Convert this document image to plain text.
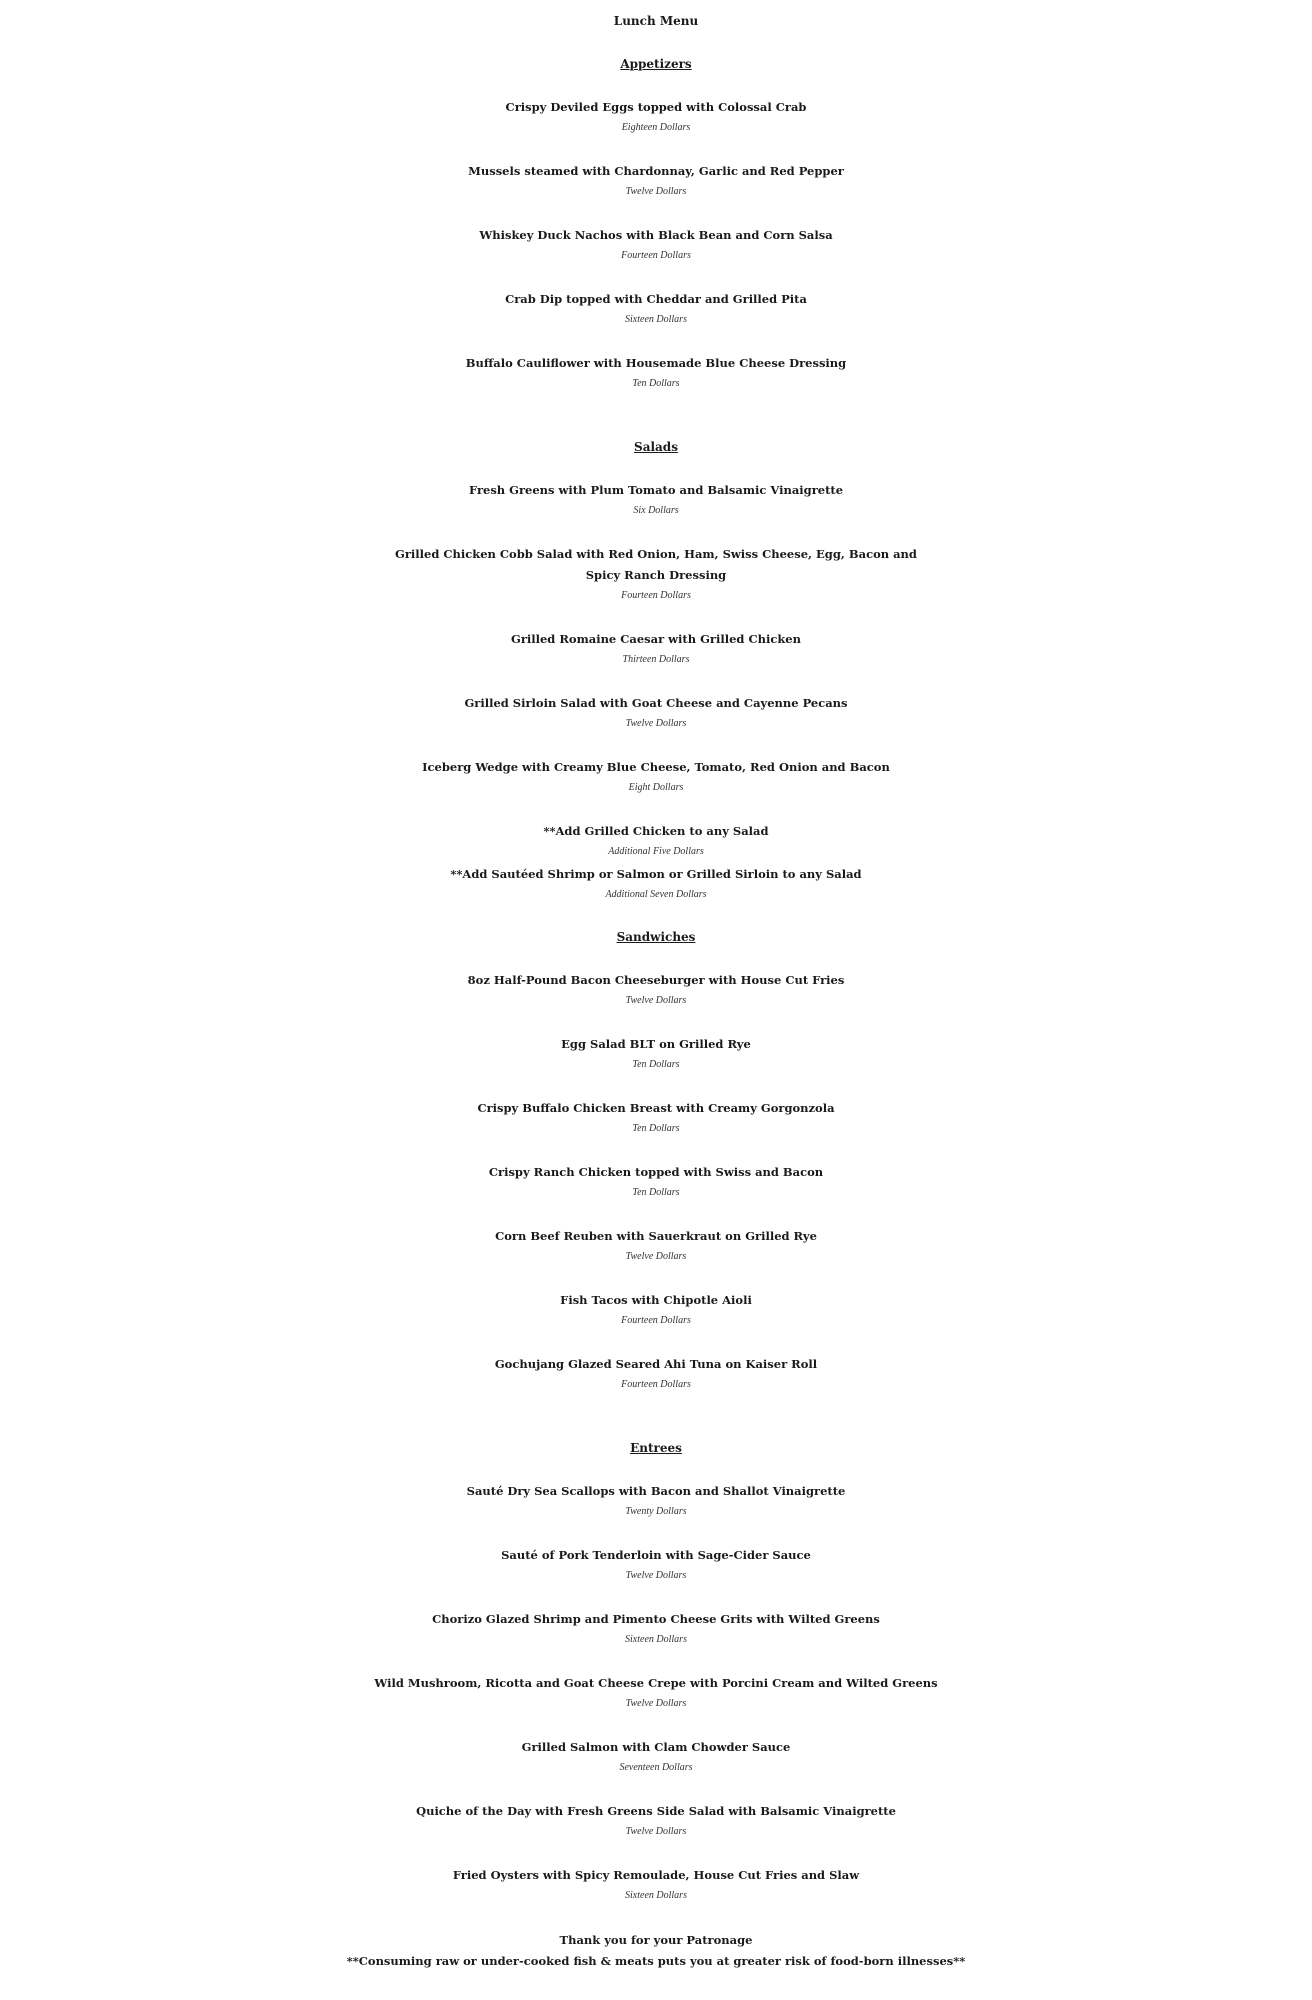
Lunch Menu
Appetizers
Crispy Deviled Eggs topped with Colossal Crab
Eighteen Dollars
Mussels steamed with Chardonnay, Garlic and Red Pepper
Twelve Dollars
Whiskey Duck Nachos with Black Bean and Corn Salsa
Fourteen Dollars
Crab Dip topped with Cheddar and Grilled Pita
Sixteen Dollars
Buffalo Cauliflower with Housemade Blue Cheese Dressing
Ten Dollars
Salads
Fresh Greens with Plum Tomato and Balsamic Vinaigrette
Six Dollars
Grilled Chicken Cobb Salad with Red Onion, Ham, Swiss Cheese, Egg, Bacon and
Spicy Ranch Dressing
Fourteen Dollars
Grilled Romaine Caesar with Grilled Chicken
Thirteen Dollars
Grilled Sirloin Salad with Goat Cheese and Cayenne Pecans
Twelve Dollars
Iceberg Wedge with Creamy Blue Cheese, Tomato, Red Onion and Bacon
Eight Dollars
**Add Grilled Chicken to any Salad
Additional Five Dollars
**Add Sautéed Shrimp or Salmon or Grilled Sirloin to any Salad
Additional Seven Dollars
Sandwiches
8oz Half-Pound Bacon Cheeseburger with House Cut Fries
Twelve Dollars
Egg Salad BLT on Grilled Rye
Ten Dollars
Crispy Buffalo Chicken Breast with Creamy Gorgonzola
Ten Dollars
Crispy Ranch Chicken topped with Swiss and Bacon
Ten Dollars
Corn Beef Reuben with Sauerkraut on Grilled Rye
Twelve Dollars
Fish Tacos with Chipotle Aioli
Fourteen Dollars
Gochujang Glazed Seared Ahi Tuna on Kaiser Roll
Fourteen Dollars
Entrees
Sauté Dry Sea Scallops with Bacon and Shallot Vinaigrette
Twenty Dollars
Sauté of Pork Tenderloin with Sage-Cider Sauce
Twelve Dollars
Chorizo Glazed Shrimp and Pimento Cheese Grits with Wilted Greens
Sixteen Dollars
Wild Mushroom, Ricotta and Goat Cheese Crepe with Porcini Cream and Wilted Greens
Twelve Dollars
Grilled Salmon with Clam Chowder Sauce
Seventeen Dollars
Quiche of the Day with Fresh Greens Side Salad with Balsamic Vinaigrette
Twelve Dollars
Fried Oysters with Spicy Remoulade, House Cut Fries and Slaw
Sixteen Dollars
Thank you for your Patronage
**Consuming raw or under-cooked fish & meats puts you at greater risk of food-born illnesses**
